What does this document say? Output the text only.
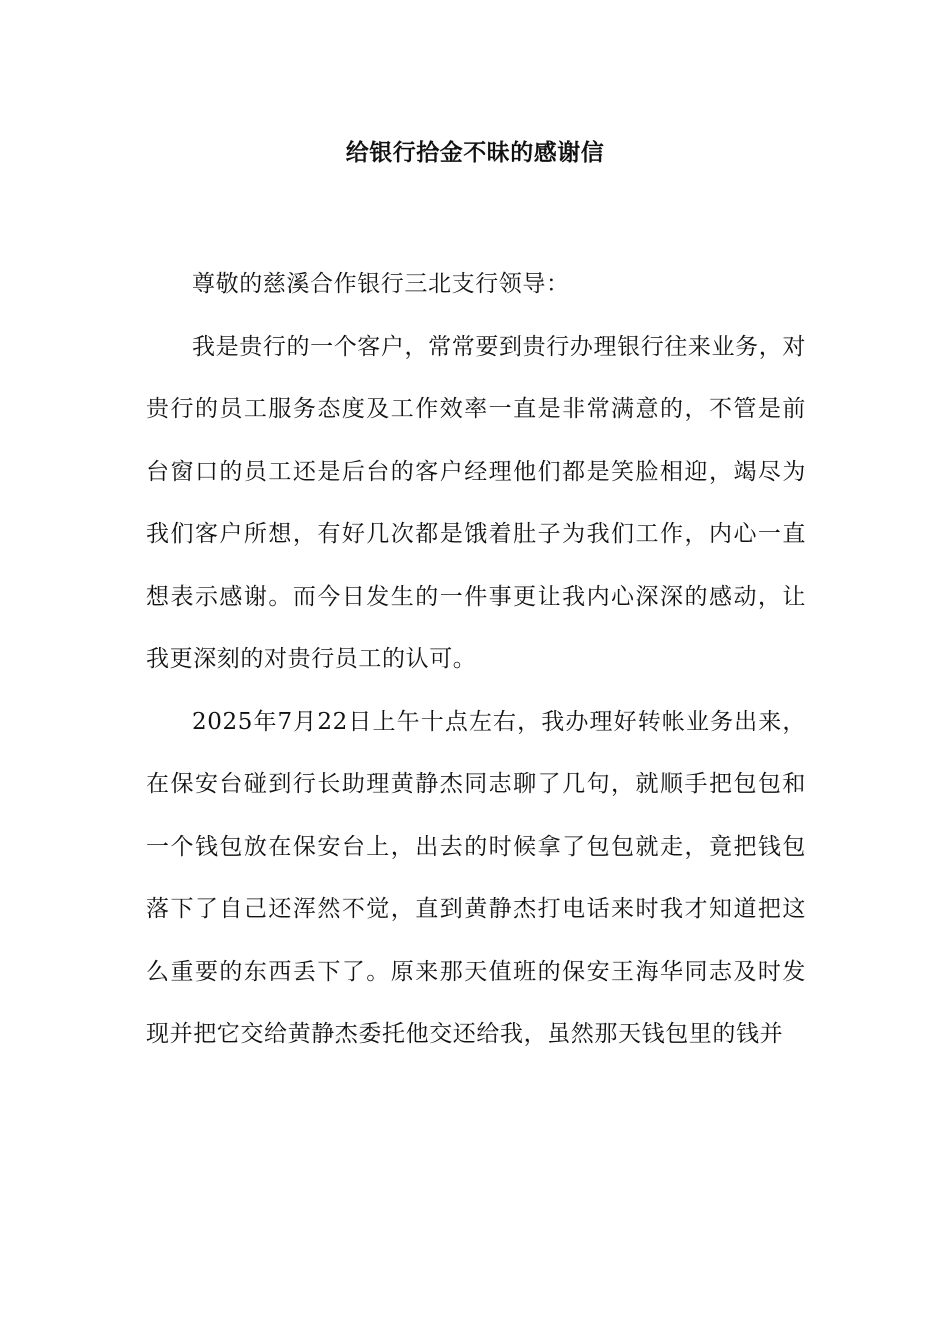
给银行拾金不昧的感谢信

尊敬的慈溪合作银行三北支行领导：

我是贵行的一个客户，常常要到贵行办理银行往来业务，对贵行的员工服务态度及工作效率一直是非常满意的，不管是前台窗口的员工还是后台的客户经理他们都是笑脸相迎，竭尽为我们客户所想，有好几次都是饿着肚子为我们工作，内心一直想表示感谢。而今日发生的一件事更让我内心深深的感动，让我更深刻的对贵行员工的认可。

2025年7月22日上午十点左右，我办理好转帐业务出来，在保安台碰到行长助理黄静杰同志聊了几句，就顺手把包包和一个钱包放在保安台上，出去的时候拿了包包就走，竟把钱包落下了自己还浑然不觉，直到黄静杰打电话来时我才知道把这么重要的东西丢下了。原来那天值班的保安王海华同志及时发现并把它交给黄静杰委托他交还给我，虽然那天钱包里的钱并
